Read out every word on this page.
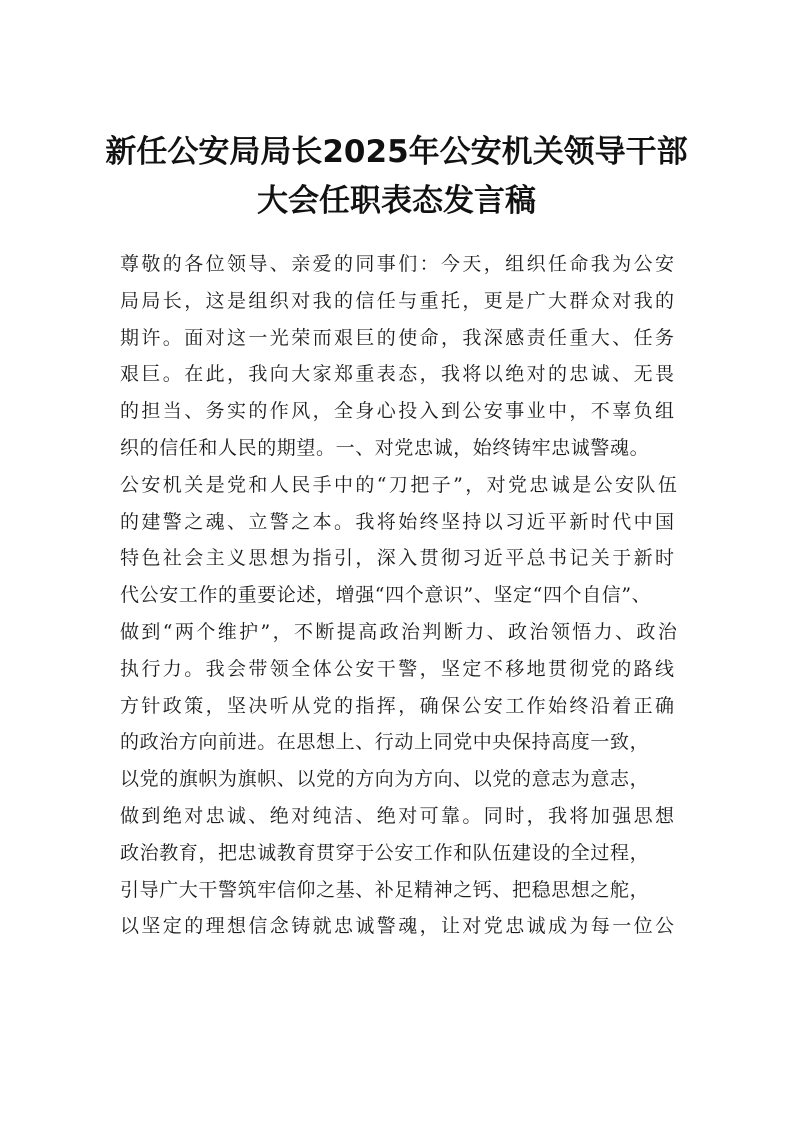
新任公安局局长2025年公安机关领导干部
大会任职表态发言稿
尊敬的各位领导、亲爱的同事们：今天，组织任命我为公安
局局长，这是组织对我的信任与重托，更是广大群众对我的
期许。面对这一光荣而艰巨的使命，我深感责任重大、任务
艰巨。在此，我向大家郑重表态，我将以绝对的忠诚、无畏
的担当、务实的作风，全身心投入到公安事业中，不辜负组
织的信任和人民的期望。一、对党忠诚，始终铸牢忠诚警魂。
公安机关是党和人民手中的“刀把子”，对党忠诚是公安队伍
的建警之魂、立警之本。我将始终坚持以习近平新时代中国
特色社会主义思想为指引，深入贯彻习近平总书记关于新时
代公安工作的重要论述，增强“四个意识”、坚定“四个自信”、
做到“两个维护”，不断提高政治判断力、政治领悟力、政治
执行力。我会带领全体公安干警，坚定不移地贯彻党的路线
方针政策，坚决听从党的指挥，确保公安工作始终沿着正确
的政治方向前进。在思想上、行动上同党中央保持高度一致，
以党的旗帜为旗帜、以党的方向为方向、以党的意志为意志，
做到绝对忠诚、绝对纯洁、绝对可靠。同时，我将加强思想
政治教育，把忠诚教育贯穿于公安工作和队伍建设的全过程，
引导广大干警筑牢信仰之基、补足精神之钙、把稳思想之舵，
以坚定的理想信念铸就忠诚警魂，让对党忠诚成为每一位公
